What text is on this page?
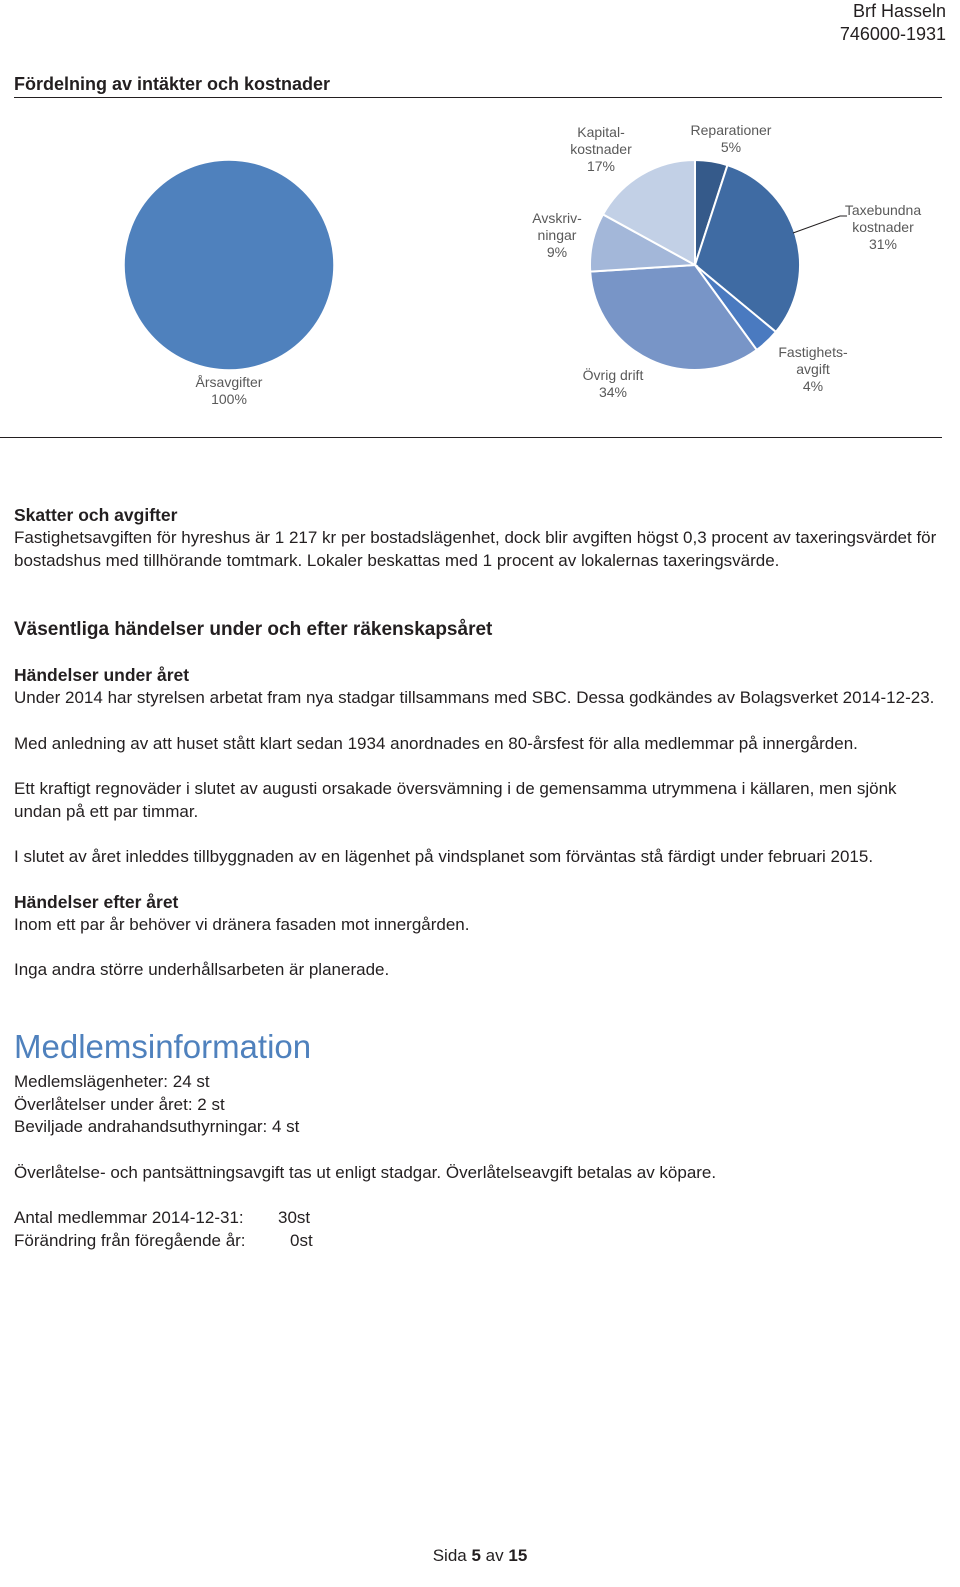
Brf Hasseln
746000-1931
Fördelning av intäkter och kostnader
Årsavgifter 100%
Reparationer 5%
Taxebundna kostnader 31%
Fastighets-avgift 4%
Övrig drift 34%
Avskriv-ningar 9%
Kapital-kostnader 17%
Skatter och avgifter

Fastighetsavgiften för hyreshus är 1 217 kr per bostadslägenhet, dock blir avgiften högst 0,3 procent av taxeringsvärdet för bostadshus med tillhörande tomtmark. Lokaler beskattas med 1 procent av lokalernas taxeringsvärde.

Väsentliga händelser under och efter räkenskapsåret
Händelser under året

Under 2014 har styrelsen arbetat fram nya stadgar tillsammans med SBC. Dessa godkändes av Bolagsverket 2014-12-23.

Med anledning av att huset stått klart sedan 1934 anordnades en 80-årsfest för alla medlemmar på innergården.

Ett kraftigt regnoväder i slutet av augusti orsakade översvämning i de gemensamma utrymmena i källaren, men sjönk undan på ett par timmar.

I slutet av året inleddes tillbyggnaden av en lägenhet på vindsplanet som förväntas stå färdigt under februari 2015.

Händelser efter året

Inom ett par år behöver vi dränera fasaden mot innergården.

Inga andra större underhållsarbeten är planerade.

Medlemsinformation

Medlemslägenheter: 24 st

Överlåtelser under året: 2 st

Beviljade andrahandsuthyrningar: 4 st

Överlåtelse- och pantsättningsavgift tas ut enligt stadgar. Överlåtelseavgift betalas av köpare.

Antal medlemmar 2014-12-31:	30st
Förändring från föregående år:	0st
Sida 5 av 15
